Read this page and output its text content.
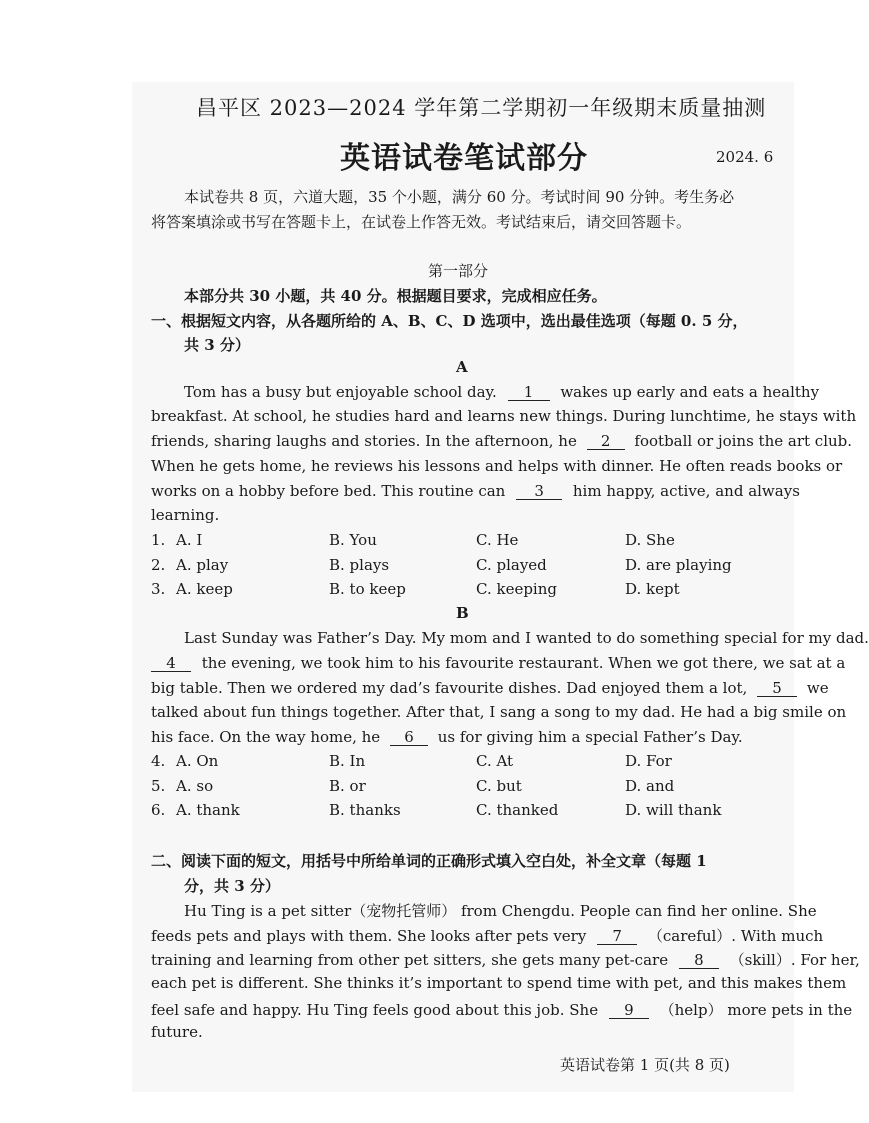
昌平区 2023—2024 学年第二学期初一年级期末质量抽测
英语试卷笔试部分	2024. 6
本试卷共 8 页，六道大题，35 个小题，满分 60 分。考试时间 90 分钟。考生务必
将答案填涂或书写在答题卡上，在试卷上作答无效。考试结束后，请交回答题卡。
第一部分
本部分共 30 小题，共 40 分。根据题目要求，完成相应任务。
一、根据短文内容，从各题所给的 A、B、C、D 选项中，选出最佳选项（每题 0. 5 分，
共 3 分）
A
Tom has a busy but enjoyable school day. 1 wakes up early and eats a healthy
breakfast. At school, he studies hard and learns new things. During lunchtime, he stays with
friends, sharing laughs and stories. In the afternoon, he 2 football or joins the art club.
When he gets home, he reviews his lessons and helps with dinner. He often reads books or
works on a hobby before bed. This routine can 3 him happy, active, and always
learning.
1. A. I	B. You	C. He	D. She
2. A. play	B. plays	C. played	D. are playing
3. A. keep	B. to keep	C. keeping	D. kept
B
Last Sunday was Father’s Day. My mom and I wanted to do something special for my dad.
4 the evening, we took him to his favourite restaurant. When we got there, we sat at a
big table. Then we ordered my dad’s favourite dishes. Dad enjoyed them a lot, 5 we
talked about fun things together. After that, I sang a song to my dad. He had a big smile on
his face. On the way home, he 6 us for giving him a special Father’s Day.
4. A. On	B. In	C. At	D. For
5. A. so	B. or	C. but	D. and
6. A. thank	B. thanks	C. thanked	D. will thank
二、阅读下面的短文，用括号中所给单词的正确形式填入空白处，补全文章（每题 1
分，共 3 分）
Hu Ting is a pet sitter（宠物托管师） from Chengdu. People can find her online. She
feeds pets and plays with them. She looks after pets very 7 （careful）. With much
training and learning from other pet sitters, she gets many pet-care 8 （skill）. For her,
each pet is different. She thinks it’s important to spend time with pet, and this makes them
feel safe and happy. Hu Ting feels good about this job. She 9 （help） more pets in the
future.
英语试卷第 1 页(共 8 页)
